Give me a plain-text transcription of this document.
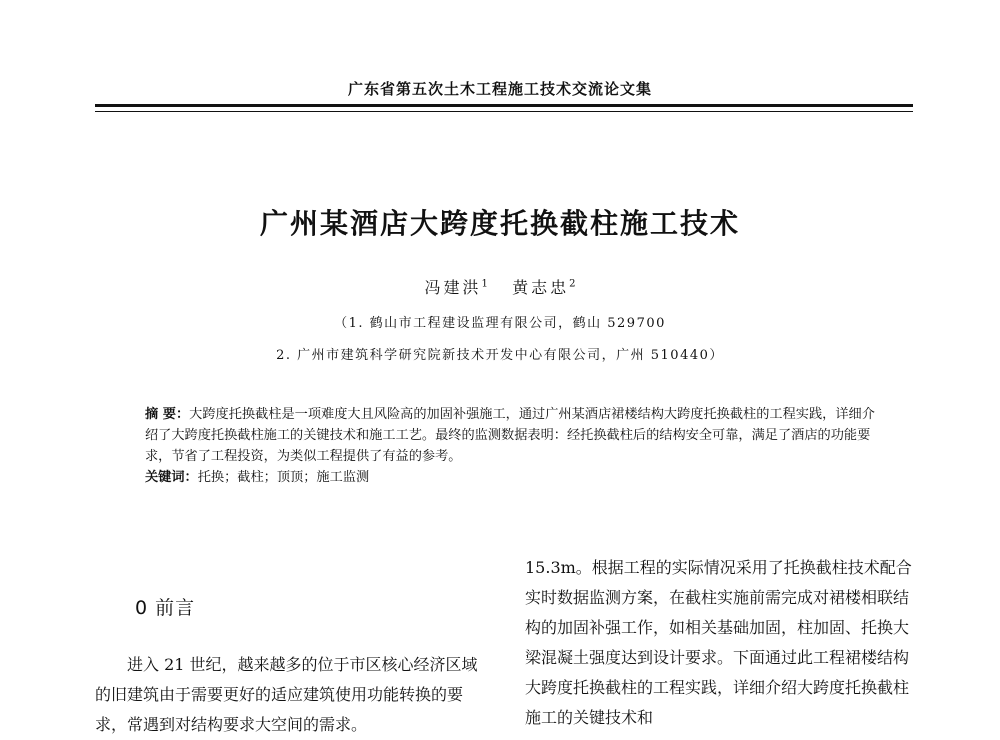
广东省第五次土木工程施工技术交流论文集
广州某酒店大跨度托换截柱施工技术
冯建洪$^1$ 黄志忠$^2$
（1. 鹤山市工程建设监理有限公司，鹤山 529700
2. 广州市建筑科学研究院新技术开发中心有限公司，广州 510440）

摘 要：大跨度托换截柱是一项难度大且风险高的加固补强施工，通过广州某酒店裙楼结构大跨度托换截柱的工程实践，详细介绍了大跨度托换截柱施工的关键技术和施工工艺。最终的监测数据表明：经托换截柱后的结构安全可靠，满足了酒店的功能要求，节省了工程投资，为类似工程提供了有益的参考。

关键词：托换；截柱；顶顶；施工监测

0 前言

进入 21 世纪，越来越多的位于市区核心经济区域的旧建筑由于需要更好的适应建筑使用功能转换的要求，常遇到对结构要求大空间的需求。

15.3m。根据工程的实际情况采用了托换截柱技术配合实时数据监测方案，在截柱实施前需完成对裙楼相联结构的加固补强工作，如相关基础加固，柱加固、托换大梁混凝土强度达到设计要求。下面通过此工程裙楼结构大跨度托换截柱的工程实践，详细介绍大跨度托换截柱施工的关键技术和
